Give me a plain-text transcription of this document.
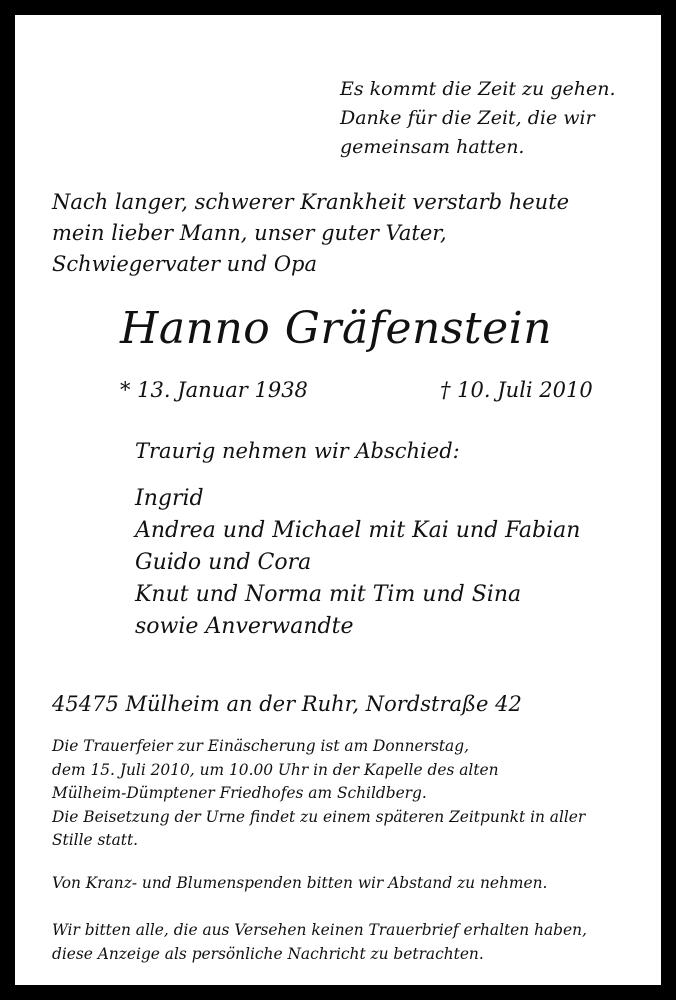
Es kommt die Zeit zu gehen.
Danke für die Zeit, die wir
gemeinsam hatten.
Nach langer, schwerer Krankheit verstarb heute
mein lieber Mann, unser guter Vater,
Schwiegervater und Opa
Hanno Gräfenstein
* 13. Januar 1938	† 10. Juli 2010
Traurig nehmen wir Abschied:
Ingrid
Andrea und Michael mit Kai und Fabian
Guido und Cora
Knut und Norma mit Tim und Sina
sowie Anverwandte
45475 Mülheim an der Ruhr, Nordstraße 42
Die Trauerfeier zur Einäscherung ist am Donnerstag,
dem 15. Juli 2010, um 10.00 Uhr in der Kapelle des alten
Mülheim-Dümptener Friedhofes am Schildberg.
Die Beisetzung der Urne findet zu einem späteren Zeitpunkt in aller
Stille statt.
Von Kranz- und Blumenspenden bitten wir Abstand zu nehmen.
Wir bitten alle, die aus Versehen keinen Trauerbrief erhalten haben,
diese Anzeige als persönliche Nachricht zu betrachten.
